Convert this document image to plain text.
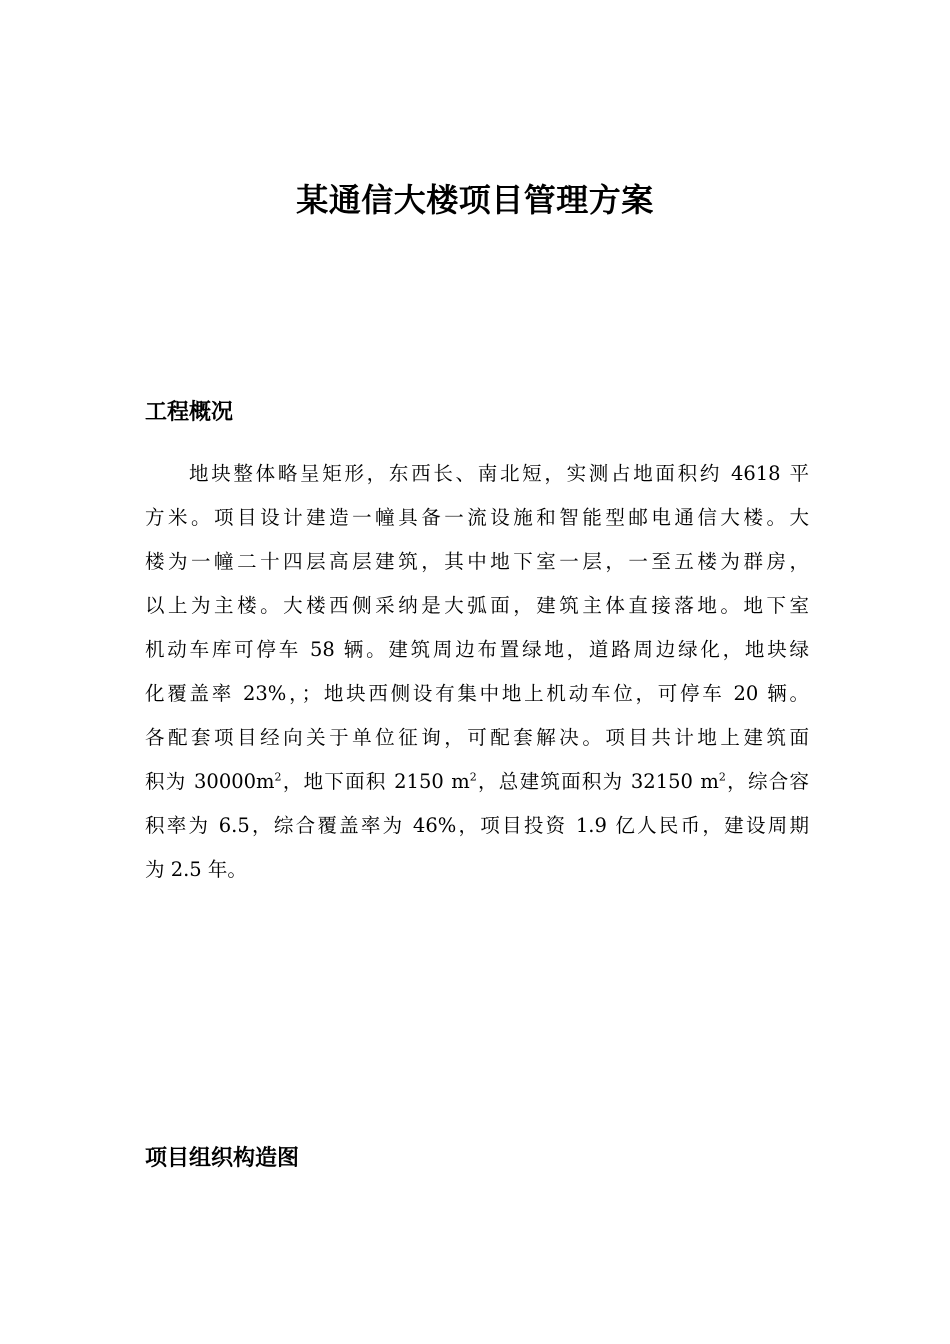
某通信大楼项目管理方案
工程概况
地块整体略呈矩形，东西长、南北短，实测占地面积约 4618 平
方米。项目设计建造一幢具备一流设施和智能型邮电通信大楼。大
楼为一幢二十四层高层建筑，其中地下室一层，一至五楼为群房，
以上为主楼。大楼西侧采纳是大弧面，建筑主体直接落地。地下室
机动车库可停车 58 辆。建筑周边布置绿地，道路周边绿化，地块绿
化覆盖率 23%，；地块西侧设有集中地上机动车位，可停车 20 辆。
各配套项目经向关于单位征询，可配套解决。项目共计地上建筑面
积为 $30000m^2$，地下面积 2150 $m^2$，总建筑面积为 32150 $m^2$，综合容
积率为 6.5，综合覆盖率为 46%，项目投资 1.9 亿人民币，建设周期
为 2.5 年。
项目组织构造图
